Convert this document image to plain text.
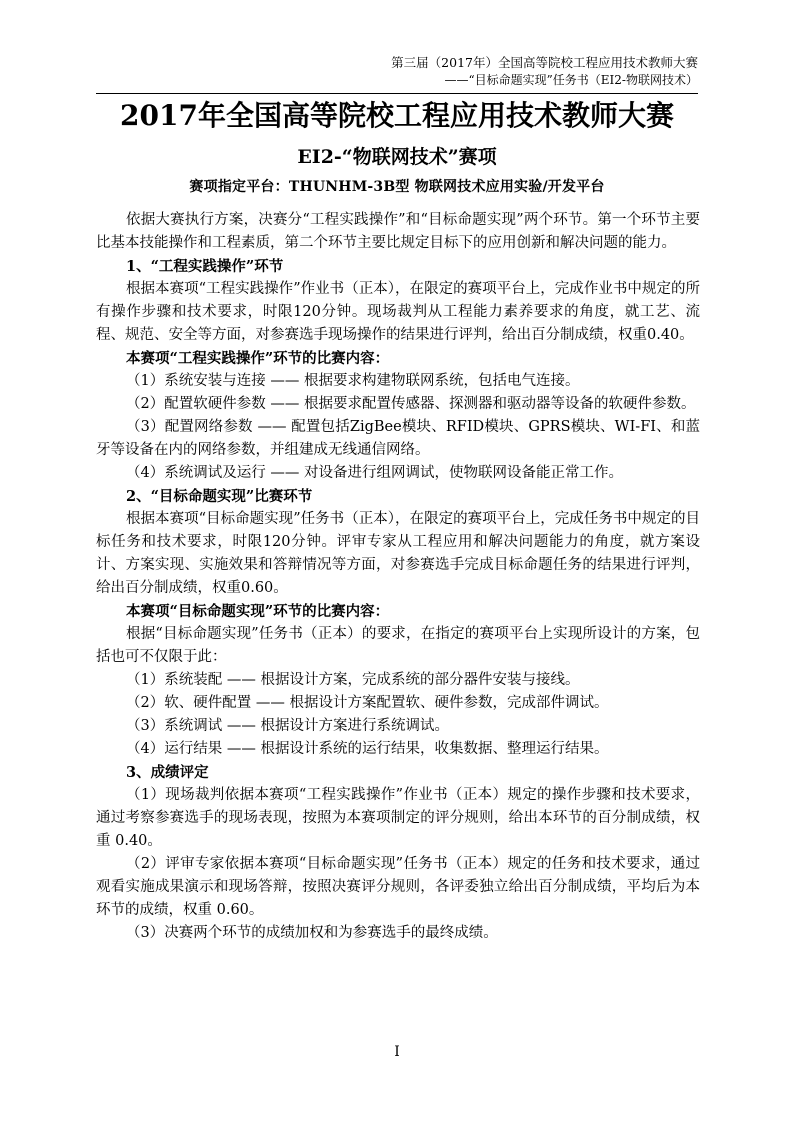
第三届（2017年）全国高等院校工程应用技术教师大赛
——“目标命题实现”任务书（EI2-物联网技术）
2017年全国高等院校工程应用技术教师大赛
EI2-“物联网技术”赛项
赛项指定平台：THUNHM-3B型 物联网技术应用实验/开发平台

依据大赛执行方案，决赛分“工程实践操作”和“目标命题实现”两个环节。第一个环节主要比基本技能操作和工程素质，第二个环节主要比规定目标下的应用创新和解决问题的能力。

1、“工程实践操作”环节

根据本赛项“工程实践操作”作业书（正本），在限定的赛项平台上，完成作业书中规定的所有操作步骤和技术要求，时限120分钟。现场裁判从工程能力素养要求的角度，就工艺、流程、规范、安全等方面，对参赛选手现场操作的结果进行评判，给出百分制成绩，权重0.40。

本赛项“工程实践操作”环节的比赛内容：

（1）系统安装与连接 —— 根据要求构建物联网系统，包括电气连接。

（2）配置软硬件参数 —— 根据要求配置传感器、探测器和驱动器等设备的软硬件参数。

（3）配置网络参数 —— 配置包括ZigBee模块、RFID模块、GPRS模块、WI-FI、和蓝牙等设备在内的网络参数，并组建成无线通信网络。

（4）系统调试及运行 —— 对设备进行组网调试，使物联网设备能正常工作。

2、“目标命题实现”比赛环节

根据本赛项“目标命题实现”任务书（正本），在限定的赛项平台上，完成任务书中规定的目标任务和技术要求，时限120分钟。评审专家从工程应用和解决问题能力的角度，就方案设计、方案实现、实施效果和答辩情况等方面，对参赛选手完成目标命题任务的结果进行评判，给出百分制成绩，权重0.60。

本赛项“目标命题实现”环节的比赛内容：

根据“目标命题实现”任务书（正本）的要求，在指定的赛项平台上实现所设计的方案，包括也可不仅限于此：

（1）系统装配 —— 根据设计方案，完成系统的部分器件安装与接线。

（2）软、硬件配置 —— 根据设计方案配置软、硬件参数，完成部件调试。

（3）系统调试 —— 根据设计方案进行系统调试。

（4）运行结果 —— 根据设计系统的运行结果，收集数据、整理运行结果。

3、成绩评定

（1）现场裁判依据本赛项“工程实践操作”作业书（正本）规定的操作步骤和技术要求，通过考察参赛选手的现场表现，按照为本赛项制定的评分规则，给出本环节的百分制成绩，权重 0.40。

（2）评审专家依据本赛项“目标命题实现”任务书（正本）规定的任务和技术要求，通过观看实施成果演示和现场答辩，按照决赛评分规则，各评委独立给出百分制成绩，平均后为本环节的成绩，权重 0.60。

（3）决赛两个环节的成绩加权和为参赛选手的最终成绩。

I
